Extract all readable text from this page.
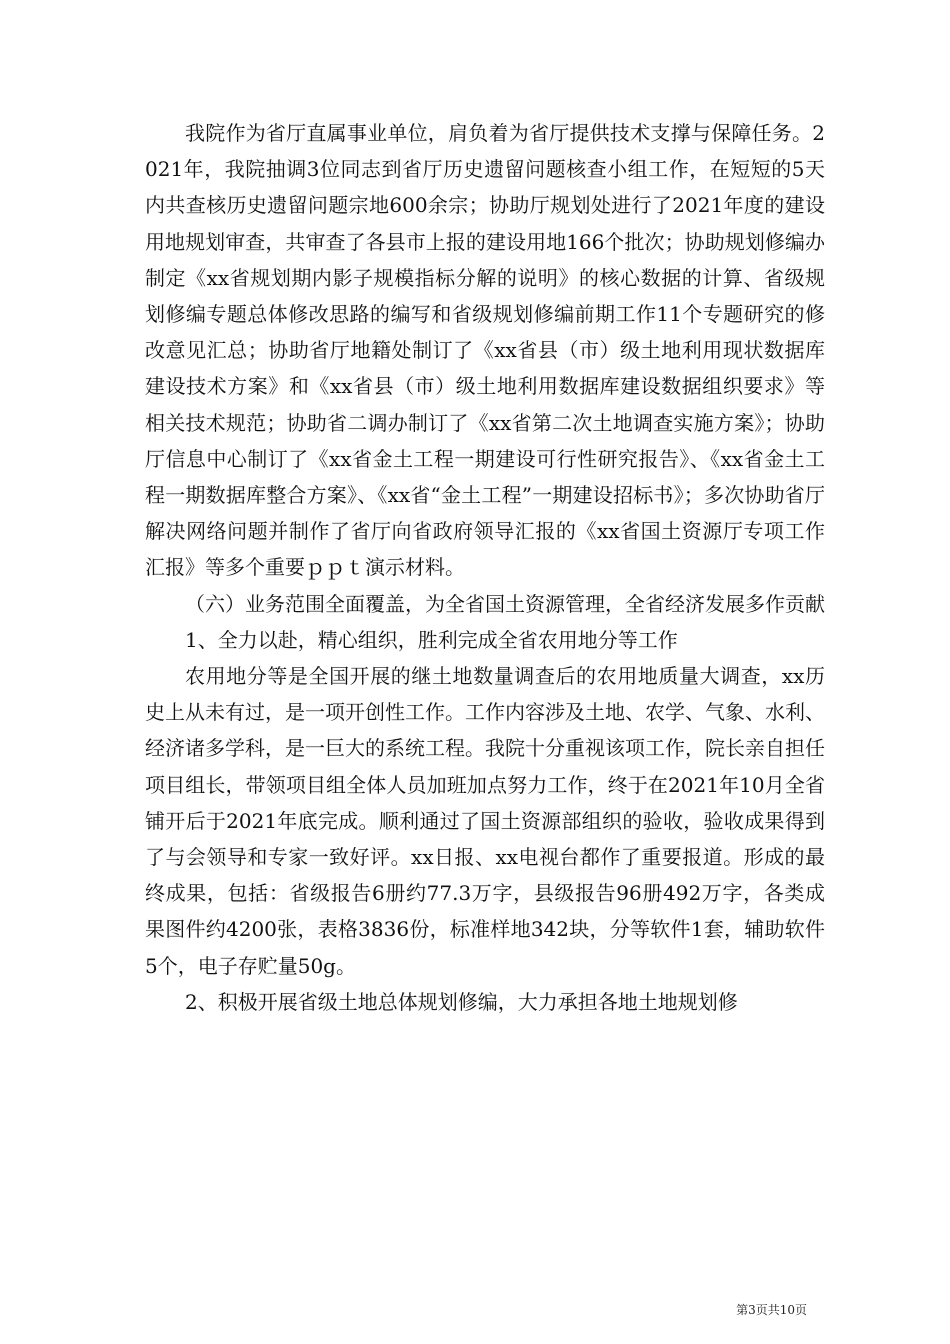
我院作为省厅直属事业单位，肩负着为省厅提供技术支撑与保障任务。2021年，我院抽调3位同志到省厅历史遗留问题核查小组工作，在短短的5天内共查核历史遗留问题宗地600余宗；协助厅规划处进行了2021年度的建设用地规划审查，共审查了各县市上报的建设用地166个批次；协助规划修编办制定《xx省规划期内影子规模指标分解的说明》的核心数据的计算、省级规划修编专题总体修改思路的编写和省级规划修编前期工作11个专题研究的修改意见汇总；协助省厅地籍处制订了《xx省县（市）级土地利用现状数据库建设技术方案》和《xx省县（市）级土地利用数据库建设数据组织要求》等相关技术规范；协助省二调办制订了《xx省第二次土地调查实施方案》；协助厅信息中心制订了《xx省金土工程一期建设可行性研究报告》、《xx省金土工程一期数据库整合方案》、《xx省“金土工程”一期建设招标书》；多次协助省厅解决网络问题并制作了省厅向省政府领导汇报的《xx省国土资源厅专项工作汇报》等多个重要ｐｐｔ演示材料。

（六）业务范围全面覆盖，为全省国土资源管理，全省经济发展多作贡献

1、全力以赴，精心组织，胜利完成全省农用地分等工作

农用地分等是全国开展的继土地数量调查后的农用地质量大调查，xx历史上从未有过，是一项开创性工作。工作内容涉及土地、农学、气象、水利、经济诸多学科，是一巨大的系统工程。我院十分重视该项工作，院长亲自担任项目组长，带领项目组全体人员加班加点努力工作，终于在2021年10月全省铺开后于2021年底完成。顺利通过了国土资源部组织的验收，验收成果得到了与会领导和专家一致好评。xx日报、xx电视台都作了重要报道。形成的最终成果，包括：省级报告6册约77.3万字，县级报告96册492万字，各类成果图件约4200张，表格3836份，标准样地342块，分等软件1套，辅助软件5个，电子存贮量50g。

2、积极开展省级土地总体规划修编，大力承担各地土地规划修

第3页共10页
